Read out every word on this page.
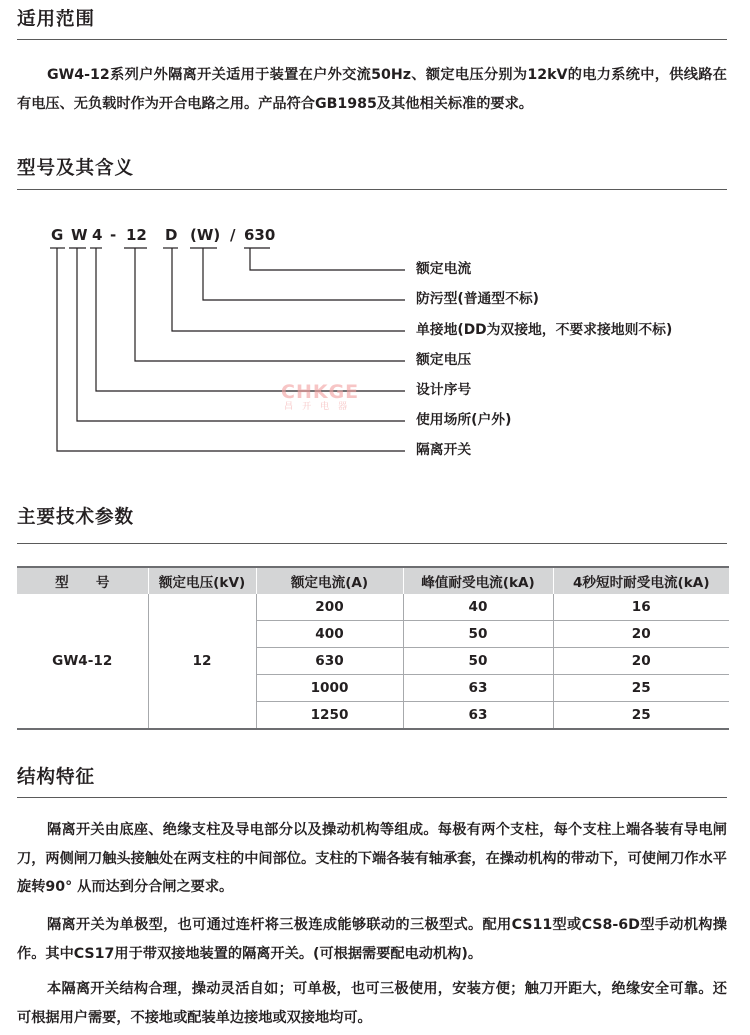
适用范围

GW4-12系列户外隔离开关适用于装置在户外交流50Hz、额定电压分别为12kV的电力系统中，供线路在有电压、无负载时作为开合电路之用。产品符合GB1985及其他相关标准的要求。

型号及其含义
G W 4 - 12 D (W) / 630
额定电流
防污型(普通型不标)
单接地(DD为双接地，不要求接地则不标)
额定电压
设计序号
使用场所(户外)
隔离开关
CHKGE
昌开电器
主要技术参数
型　　号	额定电压(kV)	额定电流(A)	峰值耐受电流(kA)	4秒短时耐受电流(kA)
GW4-12	12	200	40	16
		400	50	20
		630	50	20
		1000	63	25
		1250	63	25
结构特征

隔离开关由底座、绝缘支柱及导电部分以及操动机构等组成。每极有两个支柱，每个支柱上端各装有导电闸刀，两侧闸刀触头接触处在两支柱的中间部位。支柱的下端各装有轴承套，在操动机构的带动下，可使闸刀作水平旋转90° 从而达到分合闸之要求。

隔离开关为单极型，也可通过连杆将三极连成能够联动的三极型式。配用CS11型或CS8-6D型手动机构操作。其中CS17用于带双接地装置的隔离开关。(可根据需要配电动机构)。

本隔离开关结构合理，操动灵活自如；可单极，也可三极使用，安装方便；触刀开距大，绝缘安全可靠。还可根据用户需要，不接地或配装单边接地或双接地均可。
